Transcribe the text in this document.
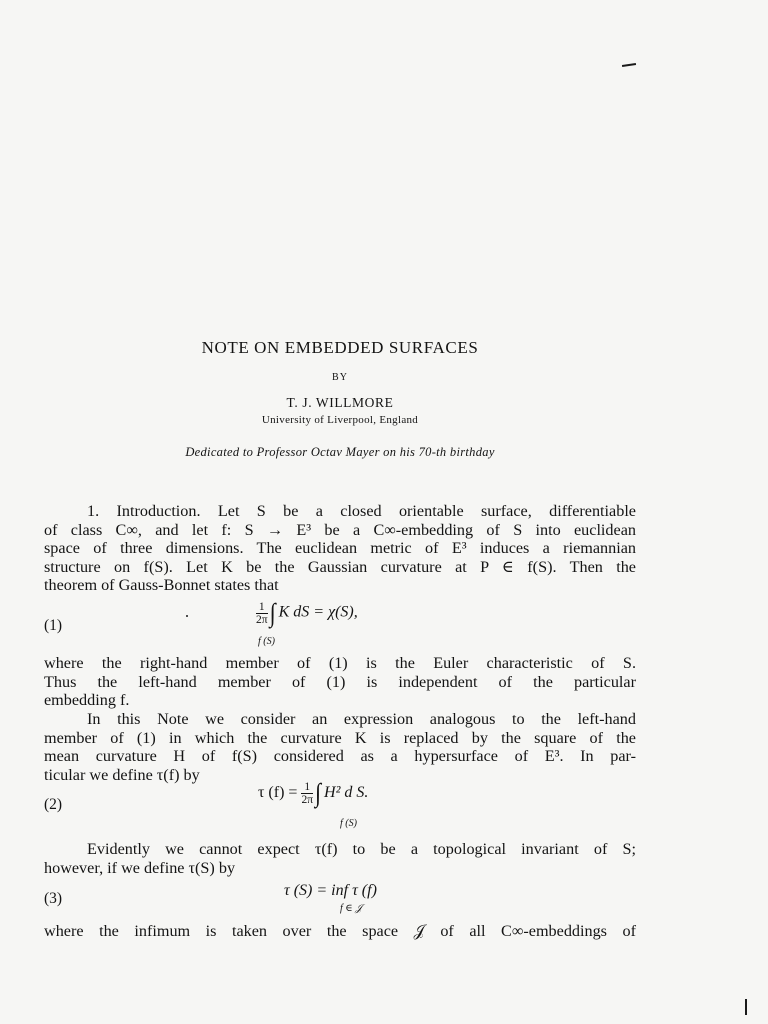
NOTE ON EMBEDDED SURFACES
BY
T. J. WILLMORE
University of Liverpool, England
Dedicated to Professor Octav Mayer on his 70-th birthday
1. Introduction. Let S be a closed orientable surface, differentiable
of class C∞, and let f: S → E³ be a C∞-embedding of S into euclidean
space of three dimensions. The euclidean metric of E³ induces a riemannian
structure on f(S). Let K be the Gaussian curvature at P ∈ f(S). Then the
theorem of Gauss-Bonnet states that
(1)	$\frac{1}{2\pi}$ ∫ K dS = χ(S),
f (S)
where the right-hand member of (1) is the Euler characteristic of S.
Thus the left-hand member of (1) is independent of the particular
embedding f.
In this Note we consider an expression analogous to the left-hand
member of (1) in which the curvature K is replaced by the square of the
mean curvature H of f(S) considered as a hypersurface of E³. In par-
ticular we define τ(f) by
(2)
τ $(f) = \frac{1}{2\pi}$ ∫ H² d S.
f (S)
Evidently we cannot expect τ(f) to be a topological invariant of S;
however, if we define τ(S) by
(3)	τ (S) = inf τ (f)
f ∈ 𝒥
where the infimum is taken over the space 𝒥 of all C∞-embeddings of
